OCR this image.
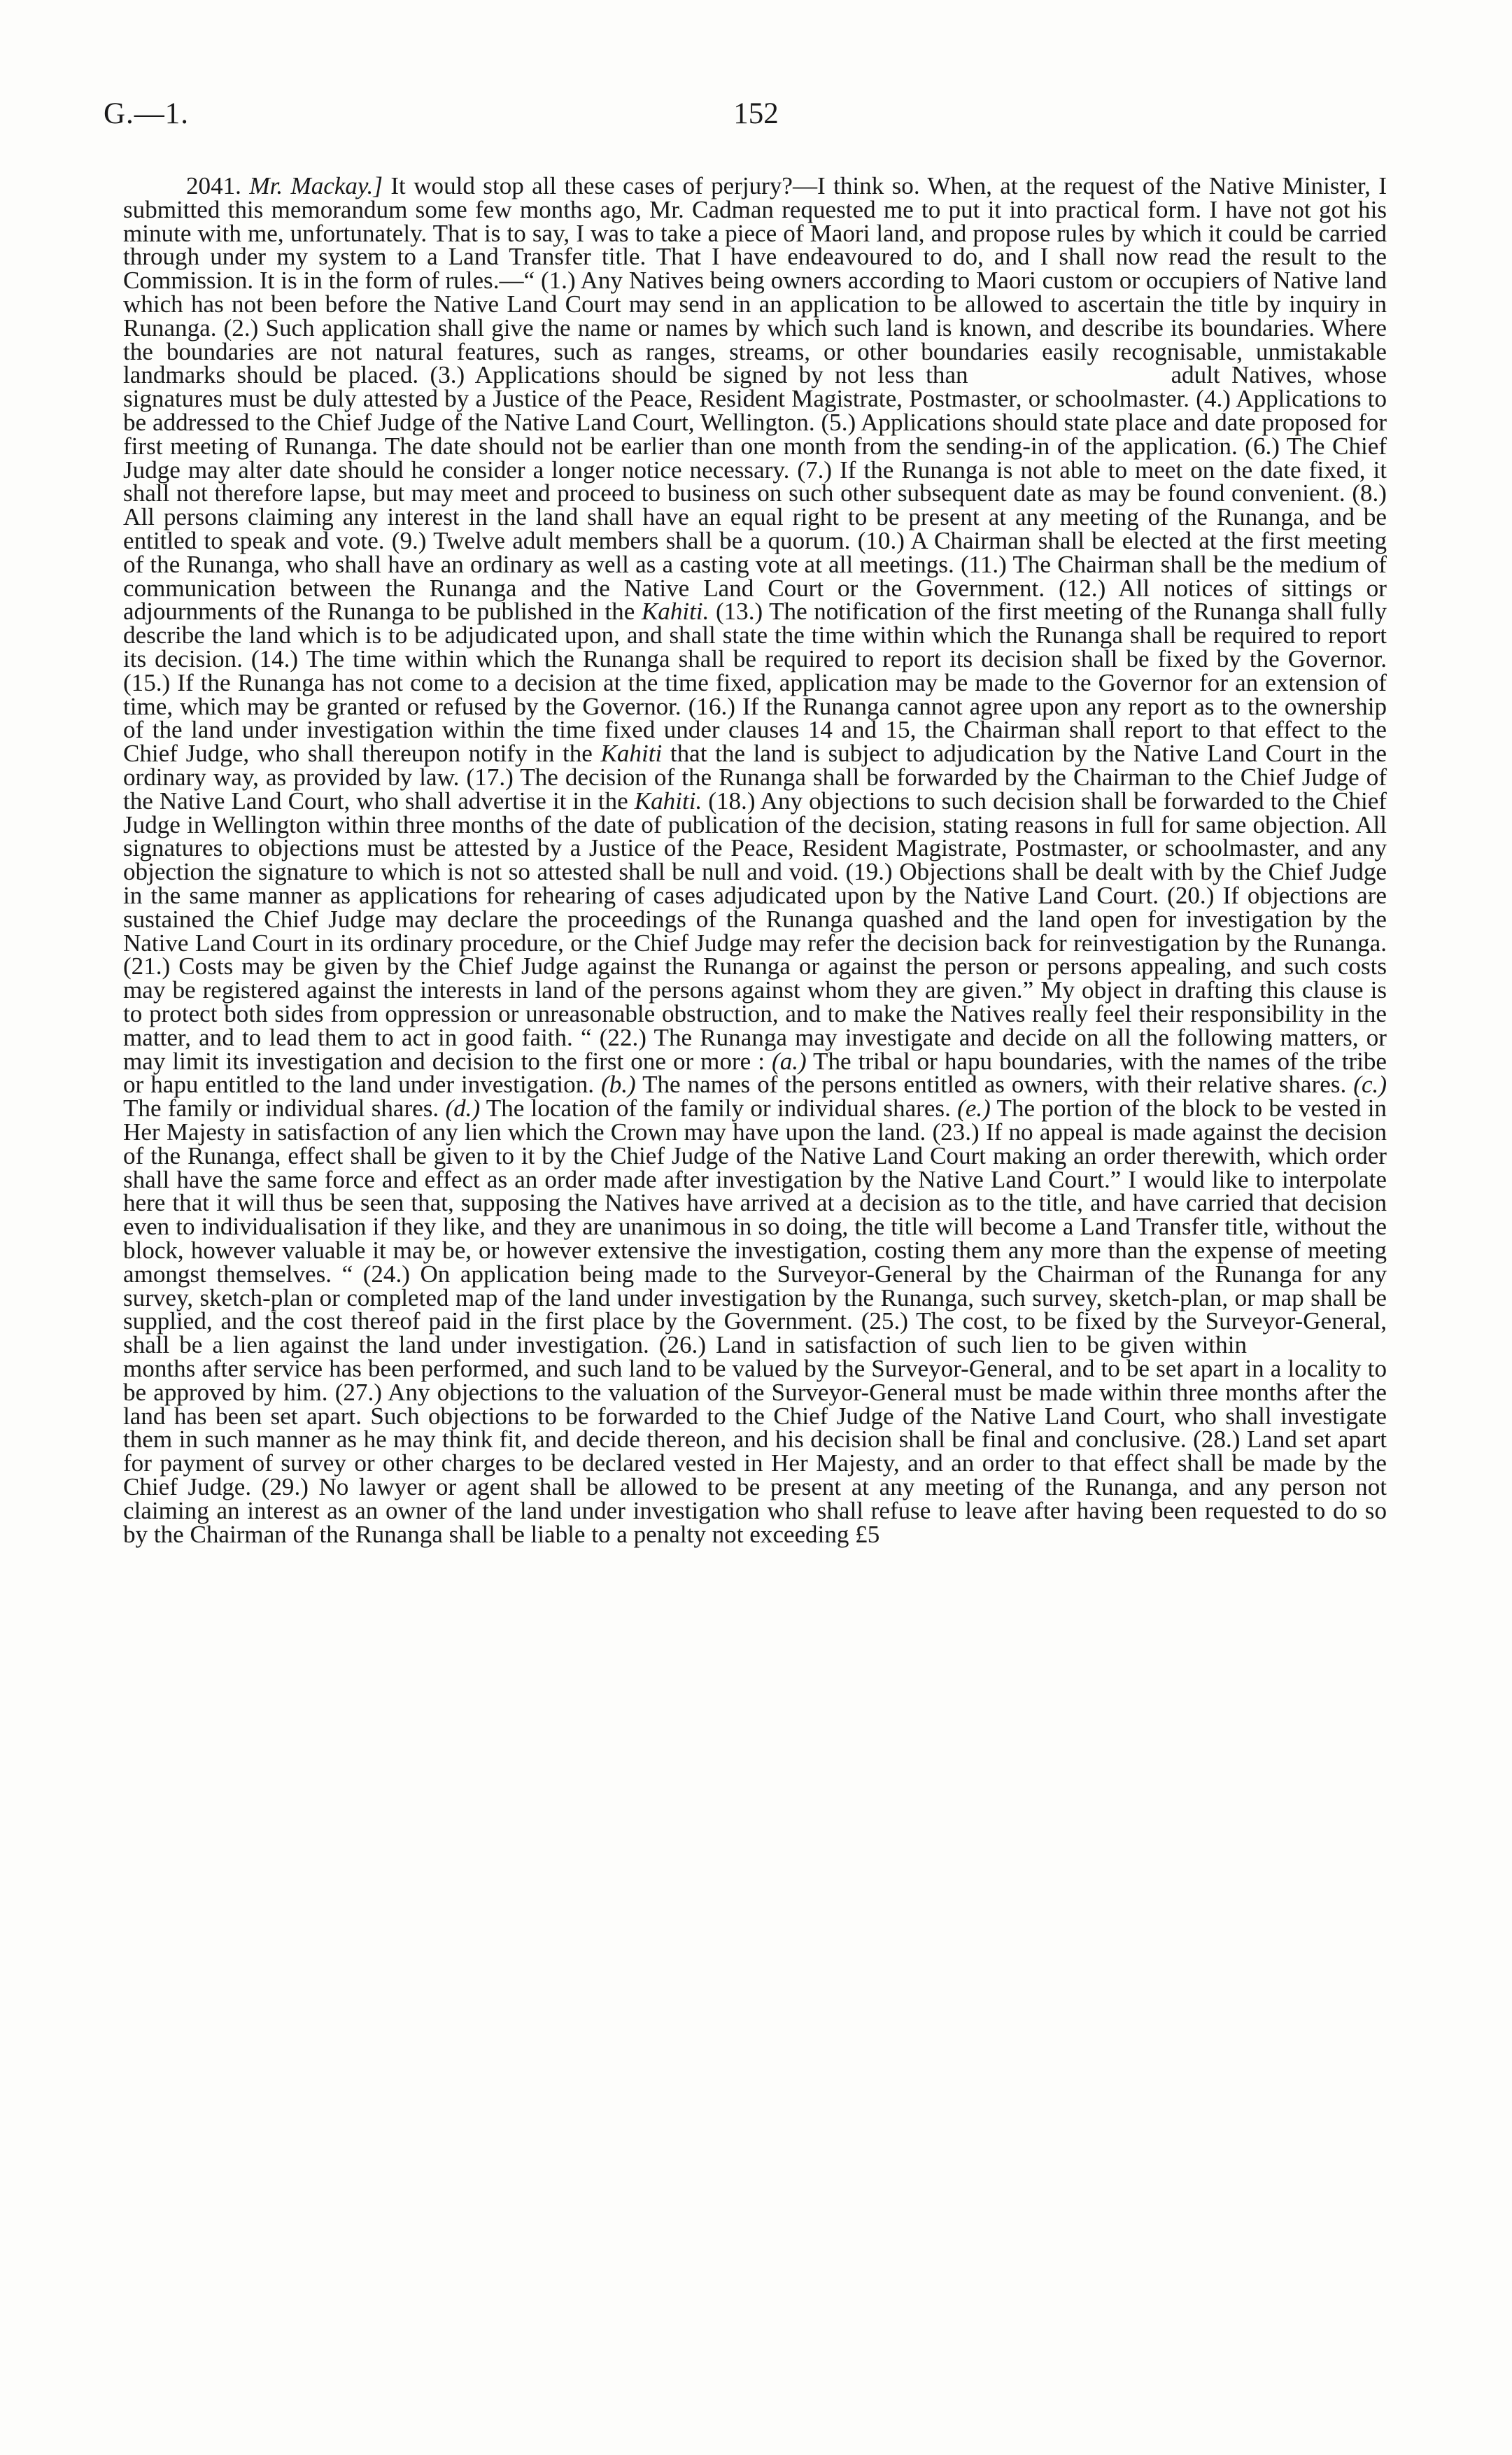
G.—1.	152

2041. Mr. Mackay.] It would stop all these cases of perjury?—I think so. When, at the request of the Native Minister, I submitted this memorandum some few months ago, Mr. Cadman requested me to put it into practical form. I have not got his minute with me, unfortunately. That is to say, I was to take a piece of Maori land, and propose rules by which it could be carried through under my system to a Land Transfer title. That I have endeavoured to do, and I shall now read the result to the Commission. It is in the form of rules.—“ (1.) Any Natives being owners according to Maori custom or occupiers of Native land which has not been before the Native Land Court may send in an application to be allowed to ascertain the title by inquiry in Runanga. (2.) Such application shall give the name or names by which such land is known, and describe its boundaries. Where the boundaries are not natural features, such as ranges, streams, or other boundaries easily recognisable, unmistakable landmarks should be placed. (3.) Applications should be signed by not less than	adult Natives, whose signatures must be duly attested by a Justice of the Peace, Resident Magistrate, Postmaster, or schoolmaster. (4.) Applications to be addressed to the Chief Judge of the Native Land Court, Wellington. (5.) Applications should state place and date proposed for first meeting of Runanga. The date should not be earlier than one month from the sending-in of the application. (6.) The Chief Judge may alter date should he consider a longer notice necessary. (7.) If the Runanga is not able to meet on the date fixed, it shall not therefore lapse, but may meet and proceed to business on such other subsequent date as may be found convenient. (8.) All persons claiming any interest in the land shall have an equal right to be present at any meeting of the Runanga, and be entitled to speak and vote. (9.) Twelve adult members shall be a quorum. (10.) A Chairman shall be elected at the first meeting of the Runanga, who shall have an ordinary as well as a casting vote at all meetings. (11.) The Chairman shall be the medium of communication between the Runanga and the Native Land Court or the Government. (12.) All notices of sittings or adjournments of the Runanga to be published in the Kahiti. (13.) The notification of the first meeting of the Runanga shall fully describe the land which is to be adjudicated upon, and shall state the time within which the Runanga shall be required to report its decision. (14.) The time within which the Runanga shall be required to report its decision shall be fixed by the Governor. (15.) If the Runanga has not come to a decision at the time fixed, application may be made to the Governor for an extension of time, which may be granted or refused by the Governor. (16.) If the Runanga cannot agree upon any report as to the ownership of the land under investigation within the time fixed under clauses 14 and 15, the Chairman shall report to that effect to the Chief Judge, who shall thereupon notify in the Kahiti that the land is subject to adjudication by the Native Land Court in the ordinary way, as provided by law. (17.) The decision of the Runanga shall be forwarded by the Chairman to the Chief Judge of the Native Land Court, who shall advertise it in the Kahiti. (18.) Any objections to such decision shall be forwarded to the Chief Judge in Wellington within three months of the date of publication of the decision, stating reasons in full for same objection. All signatures to objections must be attested by a Justice of the Peace, Resident Magistrate, Postmaster, or schoolmaster, and any objection the signature to which is not so attested shall be null and void. (19.) Objections shall be dealt with by the Chief Judge in the same manner as applications for rehearing of cases adjudicated upon by the Native Land Court. (20.) If objections are sustained the Chief Judge may declare the proceedings of the Runanga quashed and the land open for investigation by the Native Land Court in its ordinary procedure, or the Chief Judge may refer the decision back for reinvestigation by the Runanga. (21.) Costs may be given by the Chief Judge against the Runanga or against the person or persons appealing, and such costs may be registered against the interests in land of the persons against whom they are given.” My object in drafting this clause is to protect both sides from oppression or unreasonable obstruction, and to make the Natives really feel their responsibility in the matter, and to lead them to act in good faith. “ (22.) The Runanga may investigate and decide on all the following matters, or may limit its investigation and decision to the first one or more : (a.) The tribal or hapu boundaries, with the names of the tribe or hapu entitled to the land under investigation. (b.) The names of the persons entitled as owners, with their relative shares. (c.) The family or individual shares. (d.) The location of the family or individual shares. (e.) The portion of the block to be vested in Her Majesty in satisfaction of any lien which the Crown may have upon the land. (23.) If no appeal is made against the decision of the Runanga, effect shall be given to it by the Chief Judge of the Native Land Court making an order therewith, which order shall have the same force and effect as an order made after investigation by the Native Land Court.” I would like to interpolate here that it will thus be seen that, supposing the Natives have arrived at a decision as to the title, and have carried that decision even to individualisation if they like, and they are unanimous in so doing, the title will become a Land Transfer title, without the block, however valuable it may be, or however extensive the investigation, costing them any more than the expense of meeting amongst themselves. “ (24.) On application being made to the Surveyor-General by the Chairman of the Runanga for any survey, sketch-plan or completed map of the land under investigation by the Runanga, such survey, sketch-plan, or map shall be supplied, and the cost thereof paid in the first place by the Government. (25.) The cost, to be fixed by the Surveyor-General, shall be a lien against the land under investigation. (26.) Land in satisfaction of such lien to be given withinmonths after service has been performed, and such land to be valued by the Surveyor-General, and to be set apart in a locality to be approved by him. (27.) Any objections to the valuation of the Surveyor-General must be made within three months after the land has been set apart. Such objections to be forwarded to the Chief Judge of the Native Land Court, who shall investigate them in such manner as he may think fit, and decide thereon, and his decision shall be final and conclusive. (28.) Land set apart for payment of survey or other charges to be declared vested in Her Majesty, and an order to that effect shall be made by the Chief Judge. (29.) No lawyer or agent shall be allowed to be present at any meeting of the Runanga, and any person not claiming an interest as an owner of the land under investigation who shall refuse to leave after having been requested to do so by the Chairman of the Runanga shall be liable to a penalty not exceeding £5
